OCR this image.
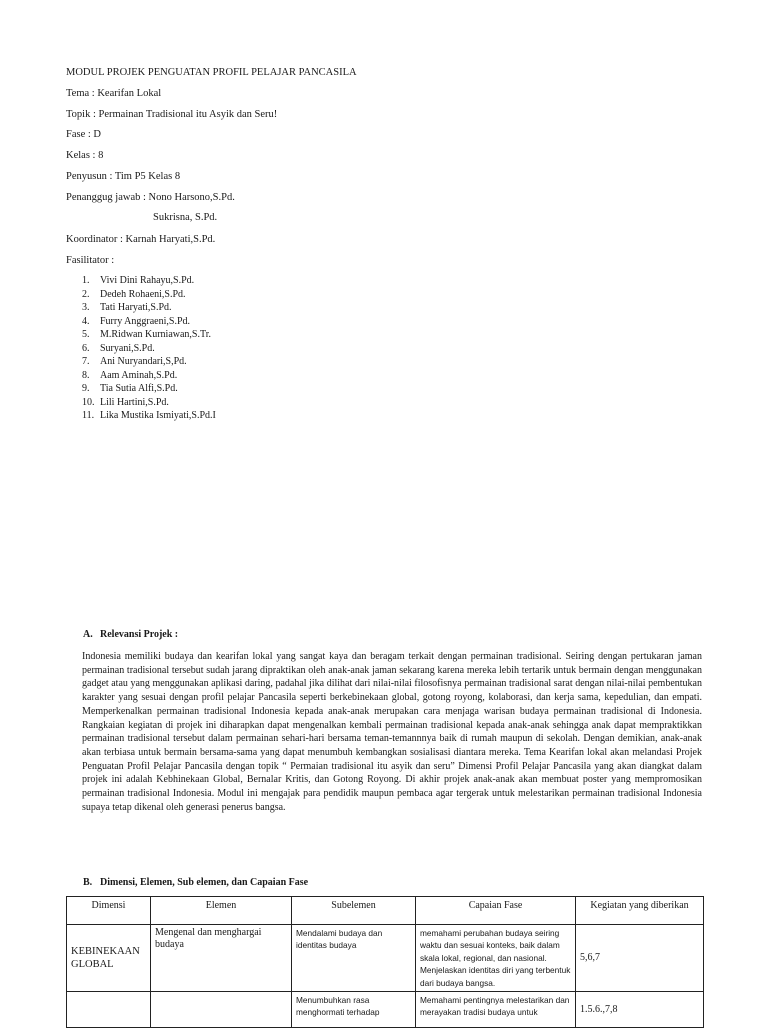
MODUL PROJEK PENGUATAN PROFIL PELAJAR PANCASILA
Tema : Kearifan Lokal
Topik : Permainan Tradisional itu Asyik dan Seru!
Fase : D
Kelas : 8
Penyusun : Tim P5 Kelas 8
Penanggug jawab : Nono Harsono,S.Pd.
Sukrisna, S.Pd.
Koordinator : Karnah Haryati,S.Pd.
Fasilitator :
1.	Vivi Dini Rahayu,S.Pd.
2.	Dedeh Rohaeni,S.Pd.
3.	Tati Haryati,S.Pd.
4.	Furry Anggraeni,S.Pd.
5.	M.Ridwan Kurniawan,S.Tr.
6.	Suryani,S.Pd.
7.	Ani Nuryandari,S,Pd.
8.	Aam Aminah,S.Pd.
9.	Tia Sutia Alfi,S.Pd.
10. Lili Hartini,S.Pd.
11. Lika Mustika Ismiyati,S.Pd.I
A. Relevansi Projek :
Indonesia memiliki budaya dan kearifan lokal yang sangat kaya dan beragam terkait dengan permainan tradisional. Seiring dengan pertukaran jaman permainan tradisional tersebut sudah jarang dipraktikan oleh anak-anak jaman sekarang karena mereka lebih tertarik untuk bermain dengan menggunakan gadget atau yang menggunakan aplikasi daring, padahal jika dilihat dari nilai-nilai filosofisnya permainan tradisional sarat dengan nilai-nilai pembentukan karakter yang sesuai dengan profil pelajar Pancasila seperti berkebinekaan global, gotong royong, kolaborasi, dan kerja sama, kepedulian, dan empati. Memperkenalkan permainan tradisional Indonesia kepada anak-anak merupakan cara menjaga warisan budaya permainan tradisional di Indonesia. Rangkaian kegiatan di projek ini diharapkan dapat mengenalkan kembali permainan tradisional kepada anak-anak sehingga anak dapat mempraktikkan permainan tradisional tersebut dalam permainan sehari-hari bersama teman-temannnya baik di rumah maupun di sekolah. Dengan demikian, anak-anak akan terbiasa untuk bermain bersama-sama yang dapat menumbuh kembangkan sosialisasi diantara mereka. Tema Kearifan lokal akan melandasi Projek Penguatan Profil Pelajar Pancasila dengan topik “ Permaian tradisional itu asyik dan seru” Dimensi Profil Pelajar Pancasila yang akan diangkat dalam projek ini adalah Kebhinekaan Global, Bernalar Kritis, dan Gotong Royong. Di akhir projek anak-anak akan membuat poster yang mempromosikan permainan tradisional Indonesia. Modul ini mengajak para pendidik maupun pembaca agar tergerak untuk melestarikan permainan tradisional Indonesia supaya tetap dikenal oleh generasi penerus bangsa.
B. Dimensi, Elemen, Sub elemen, dan Capaian Fase
Dimensi	Elemen	Subelemen	Capaian Fase	Kegiatan yang diberikan
KEBINEKAAN GLOBAL	Mengenal dan menghargai budaya	Mendalami budaya dan identitas budaya	memahami perubahan budaya seiring waktu dan sesuai konteks, baik dalam skala lokal, regional, dan nasional. Menjelaskan identitas diri yang terbentuk dari budaya bangsa.	5,6,7
		Menumbuhkan rasa menghormati terhadap	Memahami pentingnya melestarikan dan merayakan tradisi budaya untuk	1.5.6.,7,8
